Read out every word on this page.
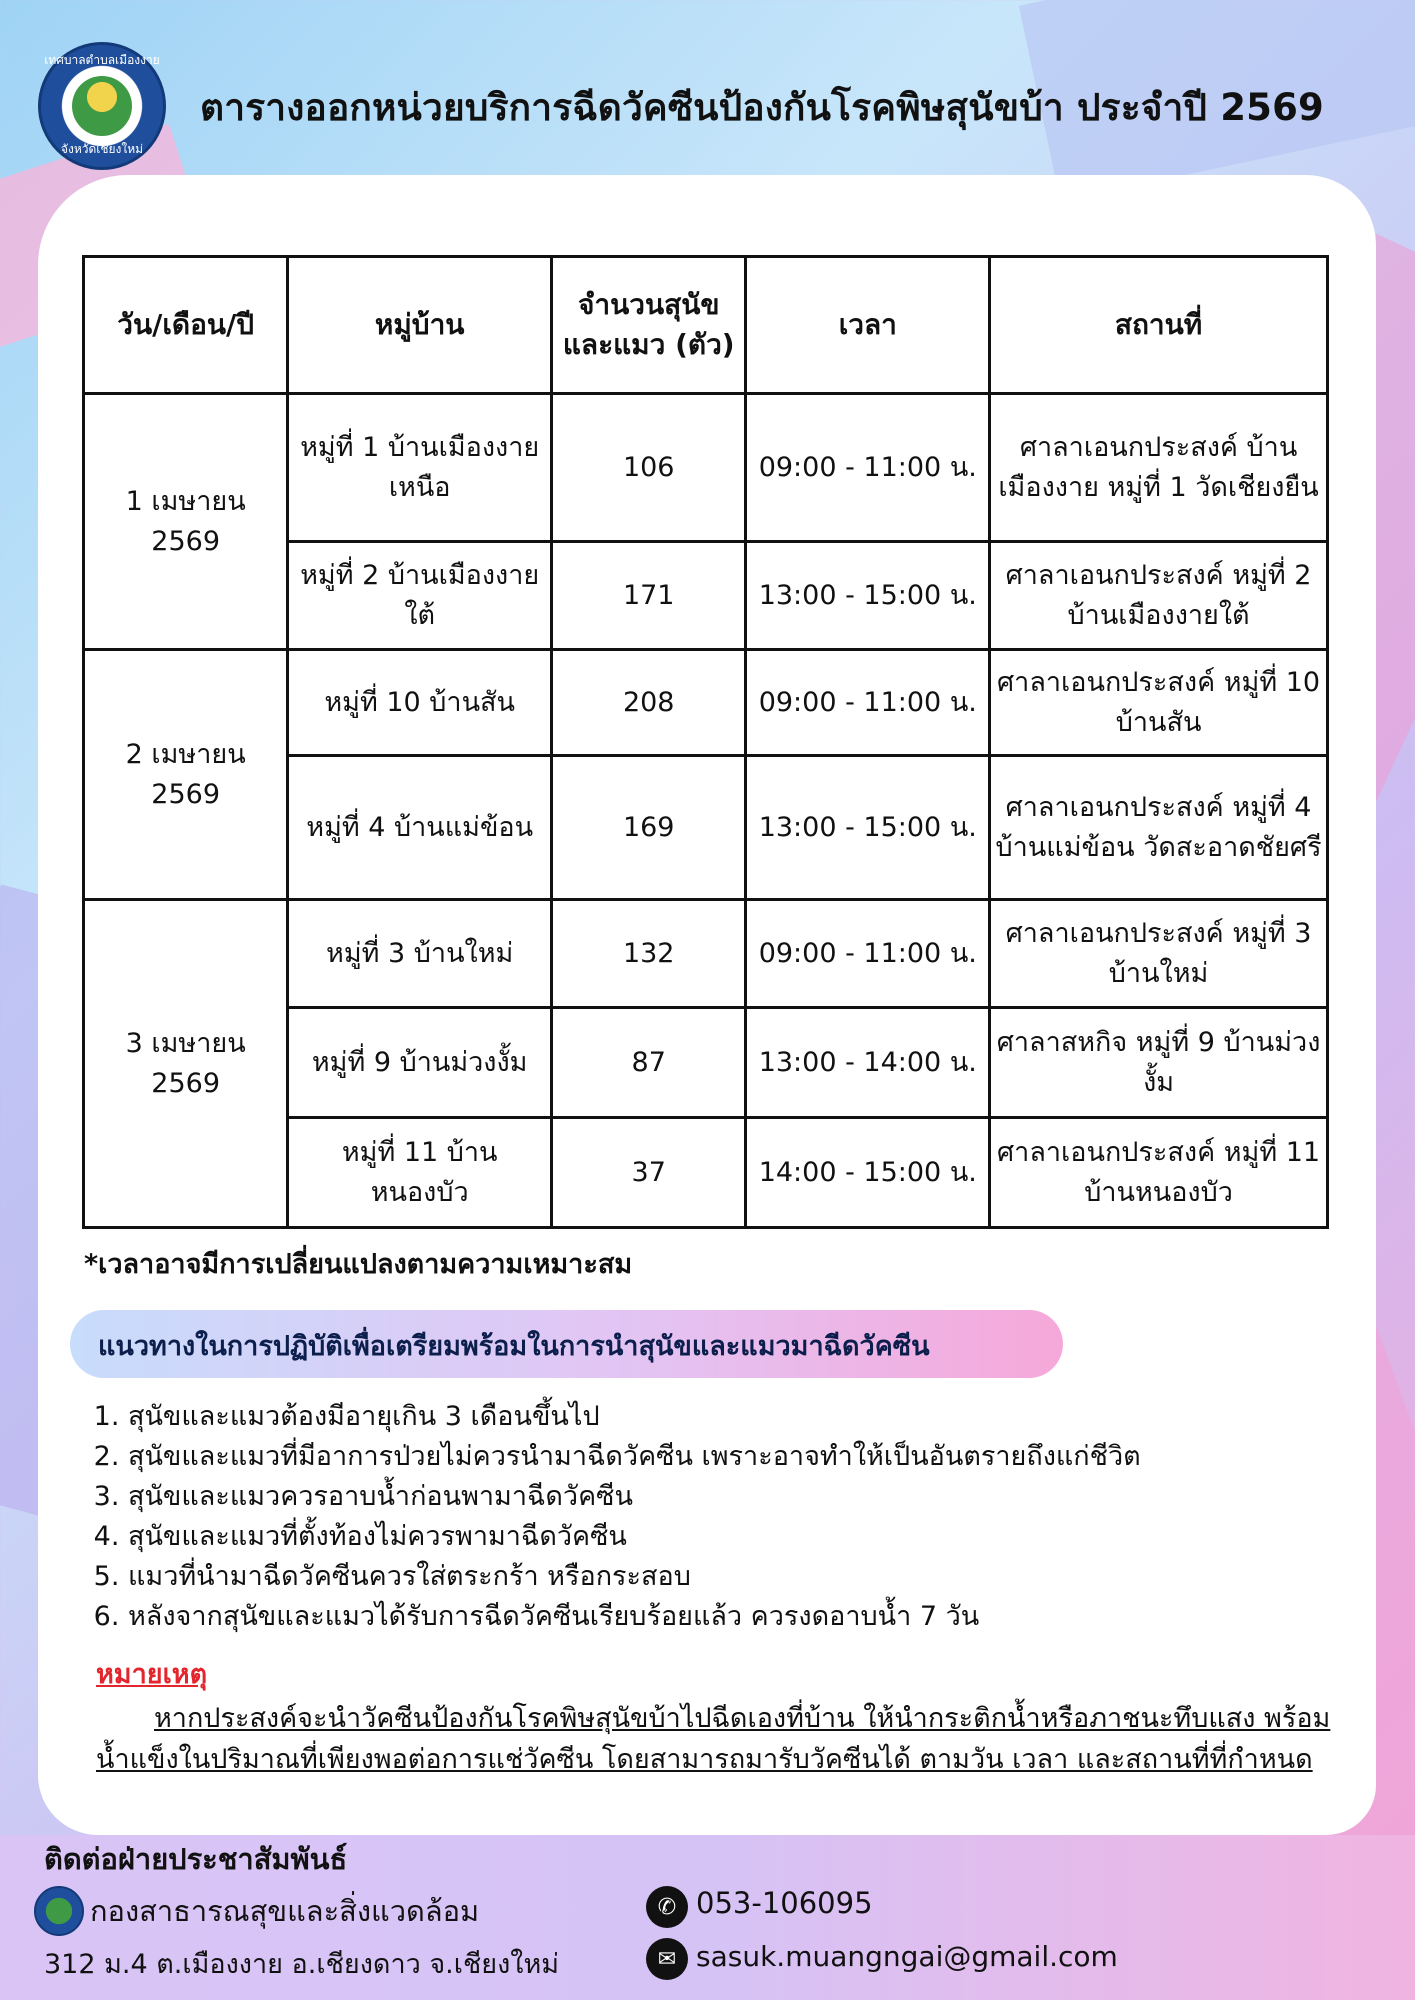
เทศบาลตำบลเมืองงาย
จังหวัดเชียงใหม่
ตารางออกหน่วยบริการฉีดวัคซีนป้องกันโรคพิษสุนัขบ้า ประจำปี 2569
วัน/เดือน/ปี	หมู่บ้าน	จำนวนสุนัขและแมว (ตัว)	เวลา	สถานที่
1 เมษายน 2569	หมู่ที่ 1 บ้านเมืองงายเหนือ	106	09:00 - 11:00 น.	ศาลาเอนกประสงค์ บ้านเมืองงาย หมู่ที่ 1 วัดเชียงยืน
	หมู่ที่ 2 บ้านเมืองงายใต้	171	13:00 - 15:00 น.	ศาลาเอนกประสงค์ หมู่ที่ 2 บ้านเมืองงายใต้
2 เมษายน 2569	หมู่ที่ 10 บ้านสัน	208	09:00 - 11:00 น.	ศาลาเอนกประสงค์ หมู่ที่ 10 บ้านสัน
	หมู่ที่ 4 บ้านแม่ข้อน	169	13:00 - 15:00 น.	ศาลาเอนกประสงค์ หมู่ที่ 4 บ้านแม่ข้อน วัดสะอาดชัยศรี
3 เมษายน 2569	หมู่ที่ 3 บ้านใหม่	132	09:00 - 11:00 น.	ศาลาเอนกประสงค์ หมู่ที่ 3 บ้านใหม่
	หมู่ที่ 9 บ้านม่วงงั้ม	87	13:00 - 14:00 น.	ศาลาสหกิจ หมู่ที่ 9 บ้านม่วงงั้ม
	หมู่ที่ 11 บ้านหนองบัว	37	14:00 - 15:00 น.	ศาลาเอนกประสงค์ หมู่ที่ 11 บ้านหนองบัว
*เวลาอาจมีการเปลี่ยนแปลงตามความเหมาะสม
แนวทางในการปฏิบัติเพื่อเตรียมพร้อมในการนำสุนัขและแมวมาฉีดวัคซีน
1. สุนัขและแมวต้องมีอายุเกิน 3 เดือนขึ้นไป
2. สุนัขและแมวที่มีอาการป่วยไม่ควรนำมาฉีดวัคซีน เพราะอาจทำให้เป็นอันตรายถึงแก่ชีวิต
3. สุนัขและแมวควรอาบน้ำก่อนพามาฉีดวัคซีน
4. สุนัขและแมวที่ตั้งท้องไม่ควรพามาฉีดวัคซีน
5. แมวที่นำมาฉีดวัคซีนควรใส่ตระกร้า หรือกระสอบ
6. หลังจากสุนัขและแมวได้รับการฉีดวัคซีนเรียบร้อยแล้ว ควรงดอาบน้ำ 7 วัน
หมายเหตุ
หากประสงค์จะนำวัคซีนป้องกันโรคพิษสุนัขบ้าไปฉีดเองที่บ้าน ให้นำกระติกน้ำหรือภาชนะทึบแสง พร้อมน้ำแข็งในปริมาณที่เพียงพอต่อการแช่วัคซีน โดยสามารถมารับวัคซีนได้ ตามวัน เวลา และสถานที่ที่กำหนด
ติดต่อฝ่ายประชาสัมพันธ์
กองสาธารณสุขและสิ่งแวดล้อม
312 ม.4 ต.เมืองงาย อ.เชียงดาว จ.เชียงใหม่
✆ 053-106095
✉ sasuk.muangngai@gmail.com
